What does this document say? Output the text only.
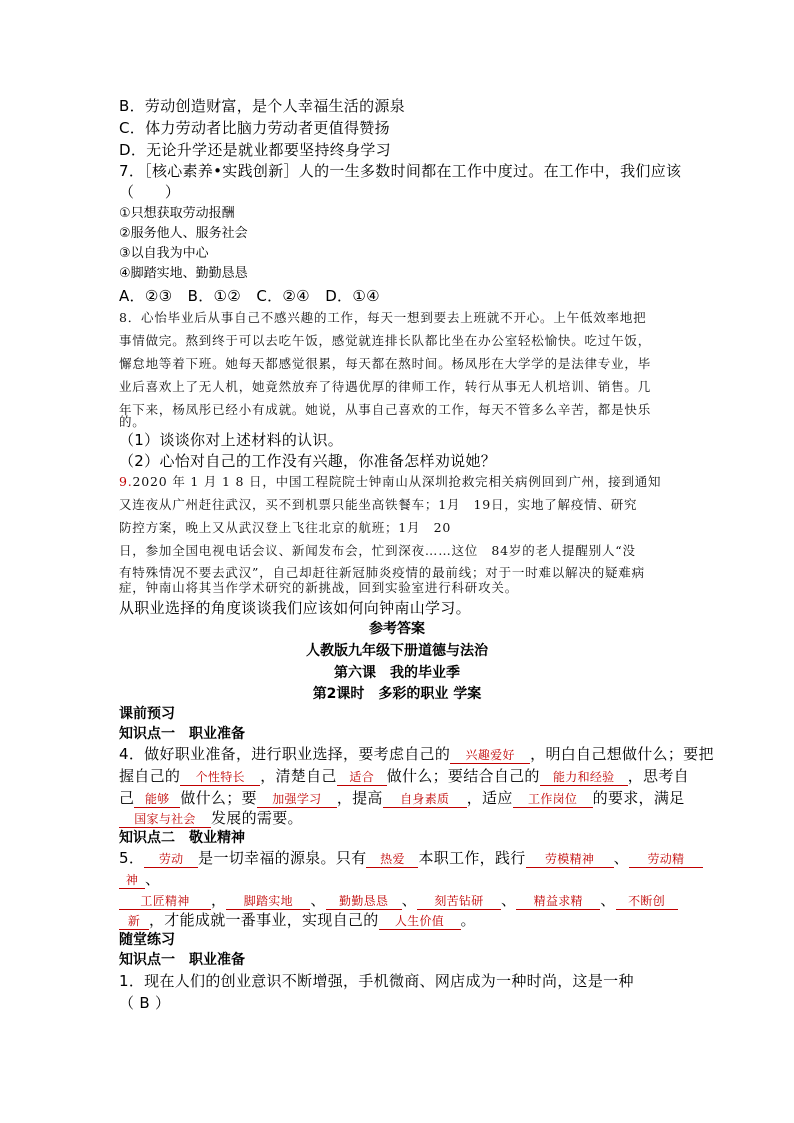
B．劳动创造财富，是个人幸福生活的源泉
C．体力劳动者比脑力劳动者更值得赞扬
D．无论升学还是就业都要坚持终身学习
7．［核心素养•实践创新］人的一生多数时间都在工作中度过。在工作中，我们应该
（　　）
①只想获取劳动报酬
②服务他人、服务社会
③以自我为中心
④脚踏实地、勤勤恳恳
A．②③　B．①②　C．②④　D．①④
8．心怡毕业后从事自己不感兴趣的工作，每天一想到要去上班就不开心。上午低效率地把
事情做完。熬到终于可以去吃午饭，感觉就连排长队都比坐在办公室轻松愉快。吃过午饭，
懈怠地等着下班。她每天都感觉很累，每天都在熬时间。杨凤彤在大学学的是法律专业，毕
业后喜欢上了无人机，她竟然放弃了待遇优厚的律师工作，转行从事无人机培训、销售。几
年下来，杨凤彤已经小有成就。她说，从事自己喜欢的工作，每天不管多么辛苦，都是快乐
的。
（1）谈谈你对上述材料的认识。
（2）心怡对自己的工作没有兴趣，你准备怎样劝说她？
9.2020 年 1 月 1 8 日，中国工程院院士钟南山从深圳抢救完相关病例回到广州，接到通知
又连夜从广州赶往武汉，买不到机票只能坐高铁餐车；1月　19日，实地了解疫情、研究
防控方案，晚上又从武汉登上飞往北京的航班；1月　20
日，参加全国电视电话会议、新闻发布会，忙到深夜……这位　84岁的老人提醒别人“没
有特殊情况不要去武汉”，自己却赶往新冠肺炎疫情的最前线；对于一时难以解决的疑难病
症，钟南山将其当作学术研究的新挑战，回到实验室进行科研攻关。
从职业选择的角度谈谈我们应该如何向钟南山学习。
参考答案
人教版九年级下册道德与法治
第六课　我的毕业季
第2课时　多彩的职业 学案
课前预习
知识点一　职业准备
4．做好职业准备，进行职业选择，要考虑自己的 兴趣爱好 ，明白自己想做什么；要把
握自己的 个性特长 ，清楚自己 适合 做什么；要结合自己的 能力和经验 ，思考自
己 能够 做什么；要 加强学习 ，提高 自身素质 ，适应 工作岗位 的要求，满足
国家与社会 发展的需要。
知识点二　敬业精神
5． 劳动 是一切幸福的源泉。只有 热爱 本职工作，践行 劳模精神 、 劳动精
神 、
工匠精神 ， 脚踏实地 、 勤勤恳恳 、 刻苦钻研 、 精益求精 、 不断创
新 ，才能成就一番事业，实现自己的 人生价值 。
随堂练习
知识点一　职业准备
1．现在人们的创业意识不断增强，手机微商、网店成为一种时尚，这是一种
（ B ）
